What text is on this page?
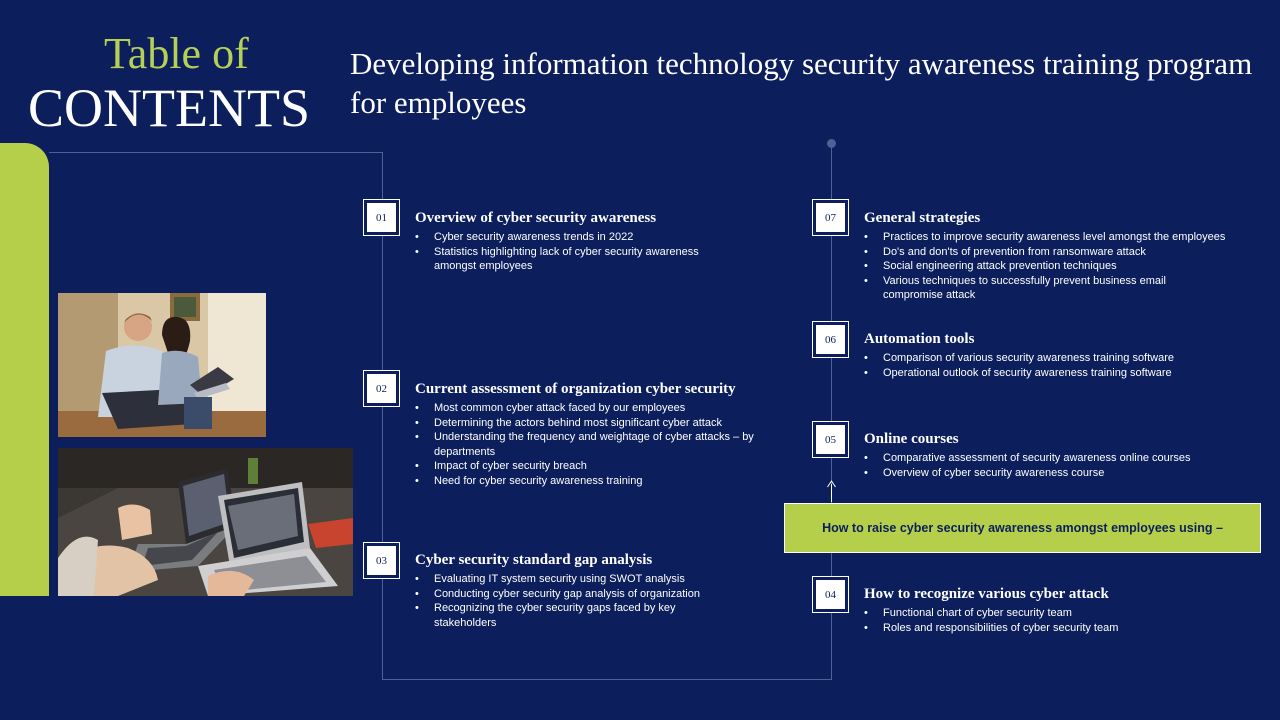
Table of
CONTENTS
Developing information technology security awareness training program for employees
01	Overview of cyber security awareness
• Cyber security awareness trends in 2022
• Statistics highlighting lack of cyber security awareness amongst employees
02	Current assessment of organization cyber security
• Most common cyber attack faced by our employees
• Determining the actors behind most significant cyber attack
• Understanding the frequency and weightage of cyber attacks – by departments
• Impact of cyber security breach
• Need for cyber security awareness training
03	Cyber security standard gap analysis
• Evaluating IT system security using SWOT analysis
• Conducting cyber security gap analysis of organization
• Recognizing the cyber security gaps faced by key stakeholders
07	General strategies
• Practices to improve security awareness level amongst the employees
• Do's and don'ts of prevention from ransomware attack
• Social engineering attack prevention techniques
• Various techniques to successfully prevent business email compromise attack
06	Automation tools
• Comparison of various security awareness training software
• Operational outlook of security awareness training software
05	Online courses
• Comparative assessment of security awareness online courses
• Overview of cyber security awareness course
How to raise cyber security awareness amongst employees using –
04	How to recognize various cyber attack
• Functional chart of cyber security team
• Roles and responsibilities of cyber security team
